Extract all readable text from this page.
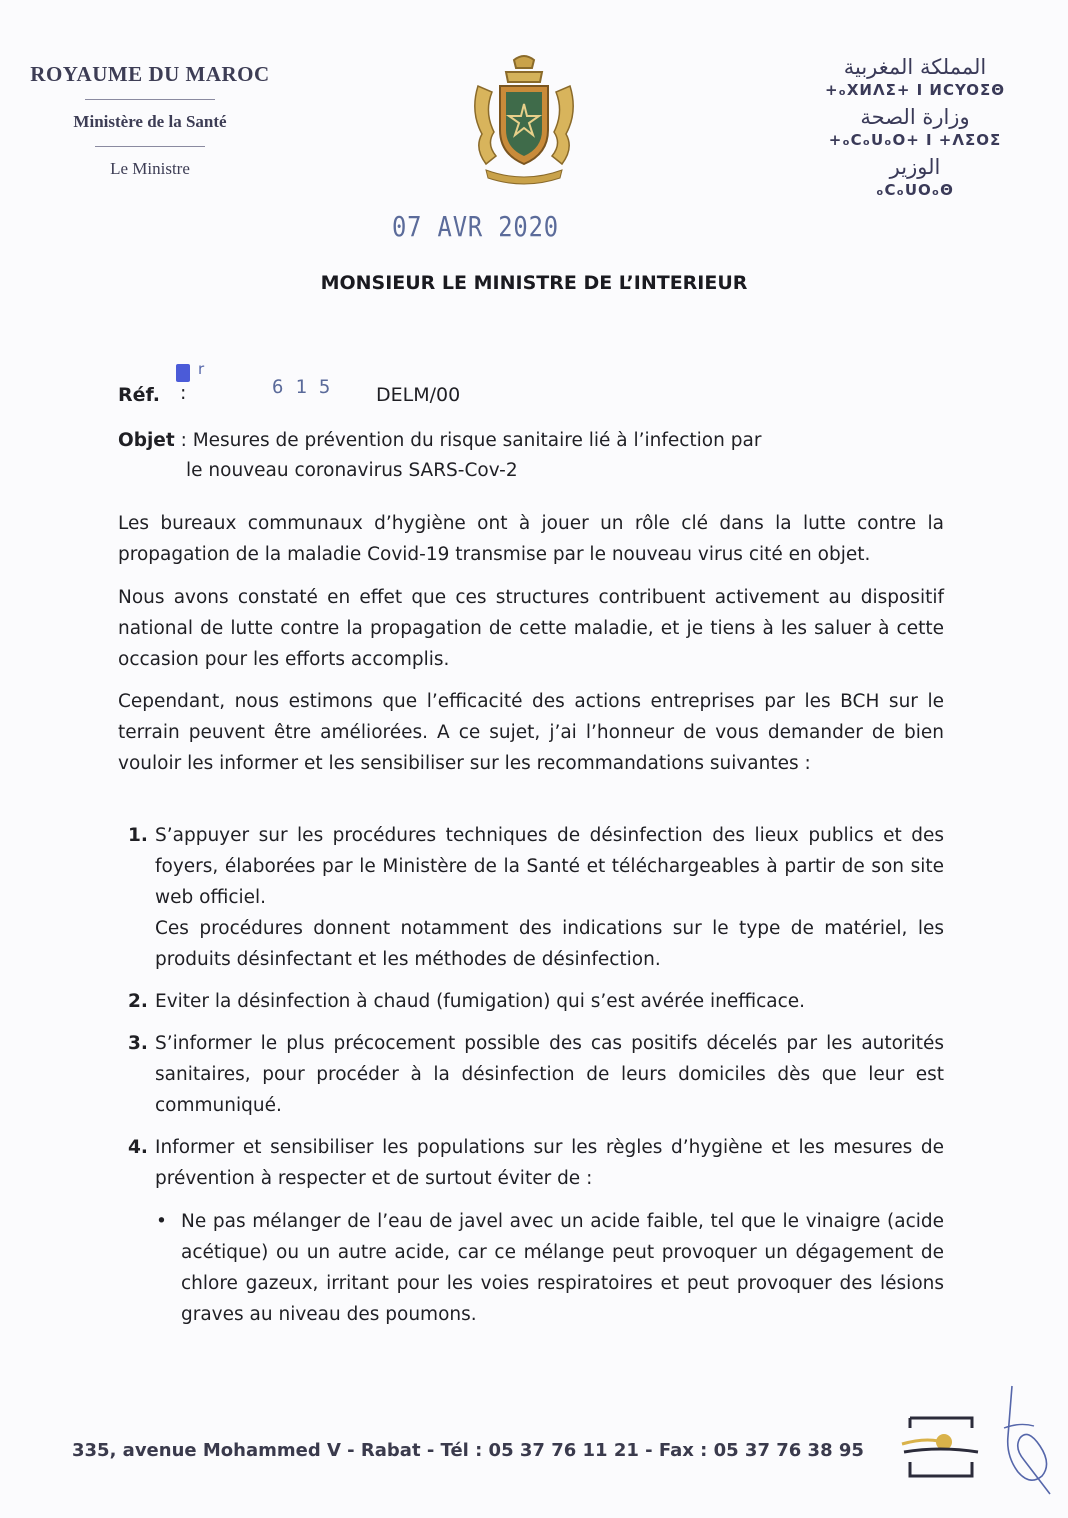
ROYAUME DU MAROC
Ministère de la Santé
Le Ministre
المملكة المغربية
+ₒXИΛΣ+ I ИCYOΣΘ
وزارة الصحة
+ₒCₒUₒO+ I +ΛΣOΣ
الوزير
ₒCₒUOₒΘ
07 AVR 2020
MONSIEUR LE MINISTRE DE L’INTERIEUR
Réf.
r
:	615 DELM/00
Objet : Mesures de prévention du risque sanitaire lié à l’infection par
le nouveau coronavirus SARS-Cov-2
Les bureaux communaux d’hygiène ont à jouer un rôle clé dans la lutte contre la propagation de la maladie Covid-19 transmise par le nouveau virus cité en objet.
Nous avons constaté en effet que ces structures contribuent activement au dispositif national de lutte contre la propagation de cette maladie, et je tiens à les saluer à cette occasion pour les efforts accomplis.
Cependant, nous estimons que l’efficacité des actions entreprises par les BCH sur le terrain peuvent être améliorées. A ce sujet, j’ai l’honneur de vous demander de bien vouloir les informer et les sensibiliser sur les recommandations suivantes :
1. S’appuyer sur les procédures techniques de désinfection des lieux publics et des foyers, élaborées par le Ministère de la Santé et téléchargeables à partir de son site web officiel.
Ces procédures donnent notamment des indications sur le type de matériel, les produits désinfectant et les méthodes de désinfection.
2. Eviter la désinfection à chaud (fumigation) qui s’est avérée inefficace.
3. S’informer le plus précocement possible des cas positifs décelés par les autorités sanitaires, pour procéder à la désinfection de leurs domiciles dès que leur est communiqué.
4. Informer et sensibiliser les populations sur les règles d’hygiène et les mesures de prévention à respecter et de surtout éviter de :
• Ne pas mélanger de l’eau de javel avec un acide faible, tel que le vinaigre (acide acétique) ou un autre acide, car ce mélange peut provoquer un dégagement de chlore gazeux, irritant pour les voies respiratoires et peut provoquer des lésions graves au niveau des poumons.
335, avenue Mohammed V - Rabat - Tél : 05 37 76 11 21 - Fax : 05 37 76 38 95
